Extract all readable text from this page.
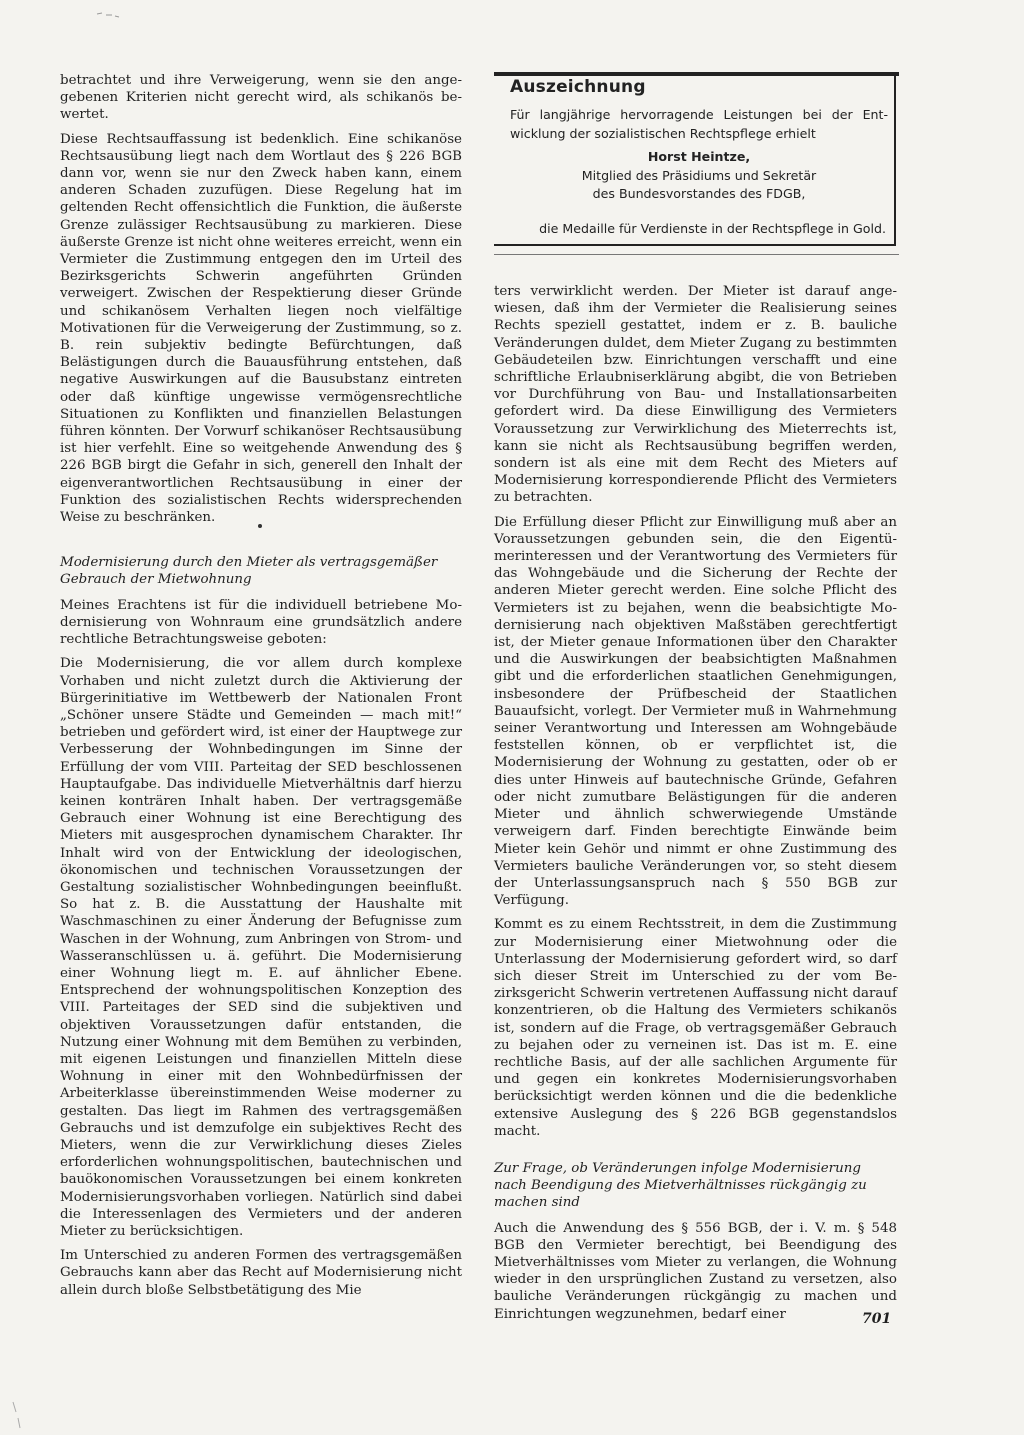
betrachtet und ihre Verweigerung, wenn sie den angegebenen Kriterien nicht gerecht wird, als schikanös bewertet.

Diese Rechtsauffassung ist bedenklich. Eine schikanöse Rechtsausübung liegt nach dem Wortlaut des § 226 BGB dann vor, wenn sie nur den Zweck haben kann, einem anderen Schaden zuzufügen. Diese Regelung hat im geltenden Recht offensichtlich die Funktion, die äußerste Grenze zulässiger Rechtsausübung zu markieren. Diese äußerste Grenze ist nicht ohne weiteres erreicht, wenn ein Vermieter die Zustimmung entgegen den im Urteil des Bezirksgerichts Schwerin angeführten Gründen verweigert. Zwischen der Respektierung dieser Gründe und schikanösem Verhalten liegen noch vielfältige Motivationen für die Verweigerung der Zustimmung, so z. B. rein subjektiv bedingte Befürchtungen, daß Belästigungen durch die Bauausführung entstehen, daß negative Auswirkungen auf die Bausubstanz eintreten oder daß künftige ungewisse vermögensrechtliche Situationen zu Konflikten und finanziellen Belastungen führen könnten. Der Vorwurf schikanöser Rechtsausübung ist hier verfehlt. Eine so weitgehende Anwendung des § 226 BGB birgt die Gefahr in sich, generell den Inhalt der eigenverantwortlichen Rechtsausübung in einer der Funktion des sozialistischen Rechts widersprechenden Weise zu beschränken.

Modernisierung durch den Mieter als vertragsgemäßer Gebrauch der Mietwohnung

Meines Erachtens ist für die individuell betriebene Modernisierung von Wohnraum eine grundsätzlich andere rechtliche Betrachtungsweise geboten:

Die Modernisierung, die vor allem durch komplexe Vorhaben und nicht zuletzt durch die Aktivierung der Bürgerinitiative im Wettbewerb der Nationalen Front „Schöner unsere Städte und Gemeinden — mach mit!“ betrieben und gefördert wird, ist einer der Hauptwege zur Verbesserung der Wohnbedingungen im Sinne der Erfüllung der vom VIII. Parteitag der SED beschlossenen Hauptaufgabe. Das individuelle Mietverhältnis darf hierzu keinen konträren Inhalt haben. Der vertragsgemäße Gebrauch einer Wohnung ist eine Berechtigung des Mieters mit ausgesprochen dynamischem Charakter. Ihr Inhalt wird von der Entwicklung der ideologischen, ökonomischen und technischen Voraussetzungen der Gestaltung sozialistischer Wohnbedingungen beeinflußt. So hat z. B. die Ausstattung der Haushalte mit Waschmaschinen zu einer Änderung der Befugnisse zum Waschen in der Wohnung, zum Anbringen von Strom- und Wasseranschlüssen u. ä. geführt. Die Modernisierung einer Wohnung liegt m. E. auf ähnlicher Ebene. Entsprechend der wohnungspolitischen Konzeption des VIII. Parteitages der SED sind die subjektiven und objektiven Voraussetzungen dafür entstanden, die Nutzung einer Wohnung mit dem Bemühen zu verbinden, mit eigenen Leistungen und finanziellen Mitteln diese Wohnung in einer mit den Wohnbedürfnissen der Arbeiterklasse übereinstimmenden Weise moderner zu gestalten. Das liegt im Rahmen des vertragsgemäßen Gebrauchs und ist demzufolge ein subjektives Recht des Mieters, wenn die zur Verwirklichung dieses Zieles erforderlichen wohnungspolitischen, bautechnischen und bauökonomischen Voraussetzungen bei einem konkreten Modernisierungsvorhaben vorliegen. Natürlich sind dabei die Interessenlagen des Vermieters und der anderen Mieter zu berücksichtigen.

Im Unterschied zu anderen Formen des vertragsgemäßen Gebrauchs kann aber das Recht auf Modernisierung nicht allein durch bloße Selbstbetätigung des Mie

Auszeichnung
Für langjährige hervorragende Leistungen bei der Entwicklung der sozialistischen Rechtspflege erhielt
Horst Heintze,
Mitglied des Präsidiums und Sekretär
des Bundesvorstandes des FDGB,
die Medaille für Verdienste in der Rechtspflege in Gold.

ters verwirklicht werden. Der Mieter ist darauf angewiesen, daß ihm der Vermieter die Realisierung seines Rechts speziell gestattet, indem er z. B. bauliche Veränderungen duldet, dem Mieter Zugang zu bestimmten Gebäudeteilen bzw. Einrichtungen verschafft und eine schriftliche Erlaubniserklärung abgibt, die von Betrieben vor Durchführung von Bau- und Installationsarbeiten gefordert wird. Da diese Einwilligung des Vermieters Voraussetzung zur Verwirklichung des Mieterrechts ist, kann sie nicht als Rechtsausübung begriffen werden, sondern ist als eine mit dem Recht des Mieters auf Modernisierung korrespondierende Pflicht des Vermieters zu betrachten.

Die Erfüllung dieser Pflicht zur Einwilligung muß aber an Voraussetzungen gebunden sein, die den Eigentümerinteressen und der Verantwortung des Vermieters für das Wohngebäude und die Sicherung der Rechte der anderen Mieter gerecht werden. Eine solche Pflicht des Vermieters ist zu bejahen, wenn die beabsichtigte Modernisierung nach objektiven Maßstäben gerechtfertigt ist, der Mieter genaue Informationen über den Charakter und die Auswirkungen der beabsichtigten Maßnahmen gibt und die erforderlichen staatlichen Genehmigungen, insbesondere der Prüfbescheid der Staatlichen Bauaufsicht, vorlegt. Der Vermieter muß in Wahrnehmung seiner Verantwortung und Interessen am Wohngebäude feststellen können, ob er verpflichtet ist, die Modernisierung der Wohnung zu gestatten, oder ob er dies unter Hinweis auf bautechnische Gründe, Gefahren oder nicht zumutbare Belästigungen für die anderen Mieter und ähnlich schwerwiegende Umstände verweigern darf. Finden berechtigte Einwände beim Mieter kein Gehör und nimmt er ohne Zustimmung des Vermieters bauliche Veränderungen vor, so steht diesem der Unterlassungsanspruch nach § 550 BGB zur Verfügung.

Kommt es zu einem Rechtsstreit, in dem die Zustimmung zur Modernisierung einer Mietwohnung oder die Unterlassung der Modernisierung gefordert wird, so darf sich dieser Streit im Unterschied zu der vom Bezirksgericht Schwerin vertretenen Auffassung nicht darauf konzentrieren, ob die Haltung des Vermieters schikanös ist, sondern auf die Frage, ob vertragsgemäßer Gebrauch zu bejahen oder zu verneinen ist. Das ist m. E. eine rechtliche Basis, auf der alle sachlichen Argumente für und gegen ein konkretes Modernisierungsvorhaben berücksichtigt werden können und die die bedenkliche extensive Auslegung des § 226 BGB gegenstandslos macht.

Zur Frage, ob Veränderungen infolge Modernisierung nach Beendigung des Mietverhältnisses rückgängig zu machen sind

Auch die Anwendung des § 556 BGB, der i. V. m. § 548 BGB den Vermieter berechtigt, bei Beendigung des Mietverhältnisses vom Mieter zu verlangen, die Wohnung wieder in den ursprünglichen Zustand zu versetzen, also bauliche Veränderungen rückgängig zu machen und Einrichtungen wegzunehmen, bedarf einer	701
